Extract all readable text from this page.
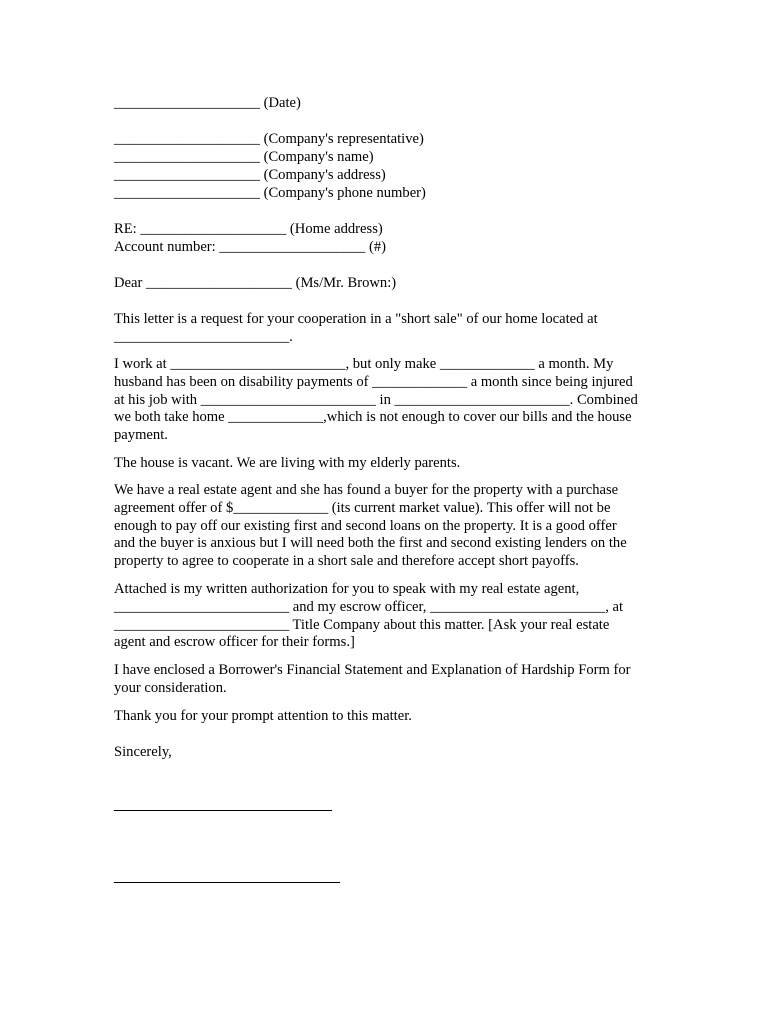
____________________ (Date)
____________________ (Company's representative)
____________________ (Company's name)
____________________ (Company's address)
____________________ (Company's phone number)
RE: ____________________ (Home address)
Account number: ____________________ (#)
Dear ____________________ (Ms/Mr. Brown:)
This letter is a request for your cooperation in a "short sale" of our home located at
________________________.
I work at ________________________, but only make _____________ a month. My
husband has been on disability payments of _____________ a month since being injured
at his job with ________________________ in ________________________. Combined
we both take home _____________,which is not enough to cover our bills and the house
payment.
The house is vacant. We are living with my elderly parents.
We have a real estate agent and she has found a buyer for the property with a purchase
agreement offer of $_____________ (its current market value). This offer will not be
enough to pay off our existing first and second loans on the property. It is a good offer
and the buyer is anxious but I will need both the first and second existing lenders on the
property to agree to cooperate in a short sale and therefore accept short payoffs.
Attached is my written authorization for you to speak with my real estate agent,
________________________ and my escrow officer, ________________________, at
________________________ Title Company about this matter. [Ask your real estate
agent and escrow officer for their forms.]
I have enclosed a Borrower's Financial Statement and Explanation of Hardship Form for
your consideration.
Thank you for your prompt attention to this matter.
Sincerely,
